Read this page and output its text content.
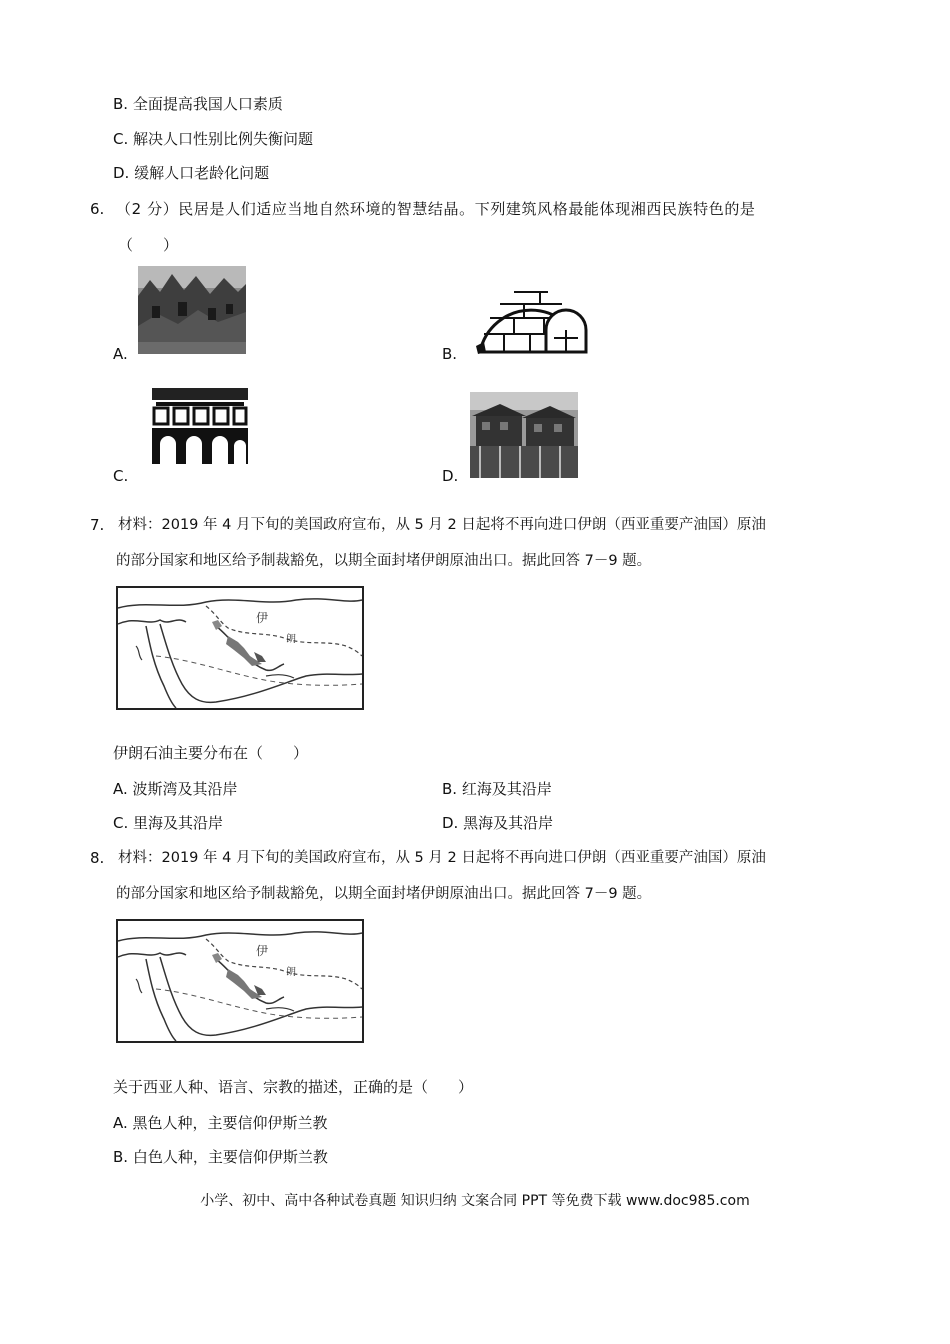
B. 全面提高我国人口素质
C. 解决人口性别比例失衡问题
D. 缓解人口老龄化问题
6. （2 分）民居是人们适应当地自然环境的智慧结晶。下列建筑风格最能体现湘西民族特色的是
（　　）
A.	B.
C.	D.
7. 材料：2019 年 4 月下旬的美国政府宣布，从 5 月 2 日起将不再向进口伊朗（西亚重要产油国）原油
的部分国家和地区给予制裁豁免，以期全面封堵伊朗原油出口。据此回答 7－9 题。
伊
朗
伊朗石油主要分布在（　　）
A. 波斯湾及其沿岸	B. 红海及其沿岸
C. 里海及其沿岸	D. 黑海及其沿岸
8. 材料：2019 年 4 月下旬的美国政府宣布，从 5 月 2 日起将不再向进口伊朗（西亚重要产油国）原油
的部分国家和地区给予制裁豁免，以期全面封堵伊朗原油出口。据此回答 7－9 题。
伊
朗
关于西亚人种、语言、宗教的描述，正确的是（　　）
A. 黑色人种，主要信仰伊斯兰教
B. 白色人种，主要信仰伊斯兰教
小学、初中、高中各种试卷真题 知识归纳 文案合同 PPT 等免费下载 www.doc985.com
